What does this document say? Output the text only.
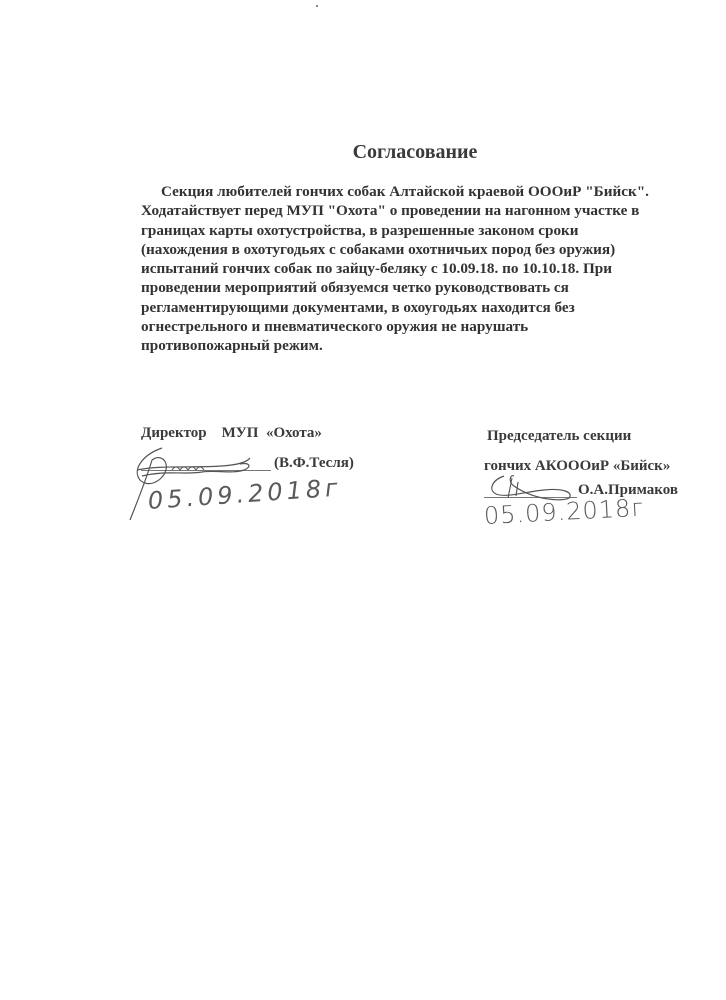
Согласование
Секция любителей гончих собак Алтайской краевой ОООиР "Бийск".
Ходатайствует перед МУП "Охота" о проведении на нагонном участке в
границах карты охотустройства, в разрешенные законом сроки
(нахождения в охотугодьях с собаками охотничьих пород без оружия)
испытаний гончих собак по зайцу-беляку с 10.09.18. по 10.10.18. При
проведении мероприятий обязуемся четко руководствовать ся
регламентирующими документами, в охоугодьях находится без
огнестрельного и пневматического оружия не нарушать
противопожарный режим.
Директор    МУП  «Охота»
(В.Ф.Тесля)
05.09.2018г
Председатель секции
гончих АКОООиР «Бийск»
О.А.Примаков
05.09.2018г
